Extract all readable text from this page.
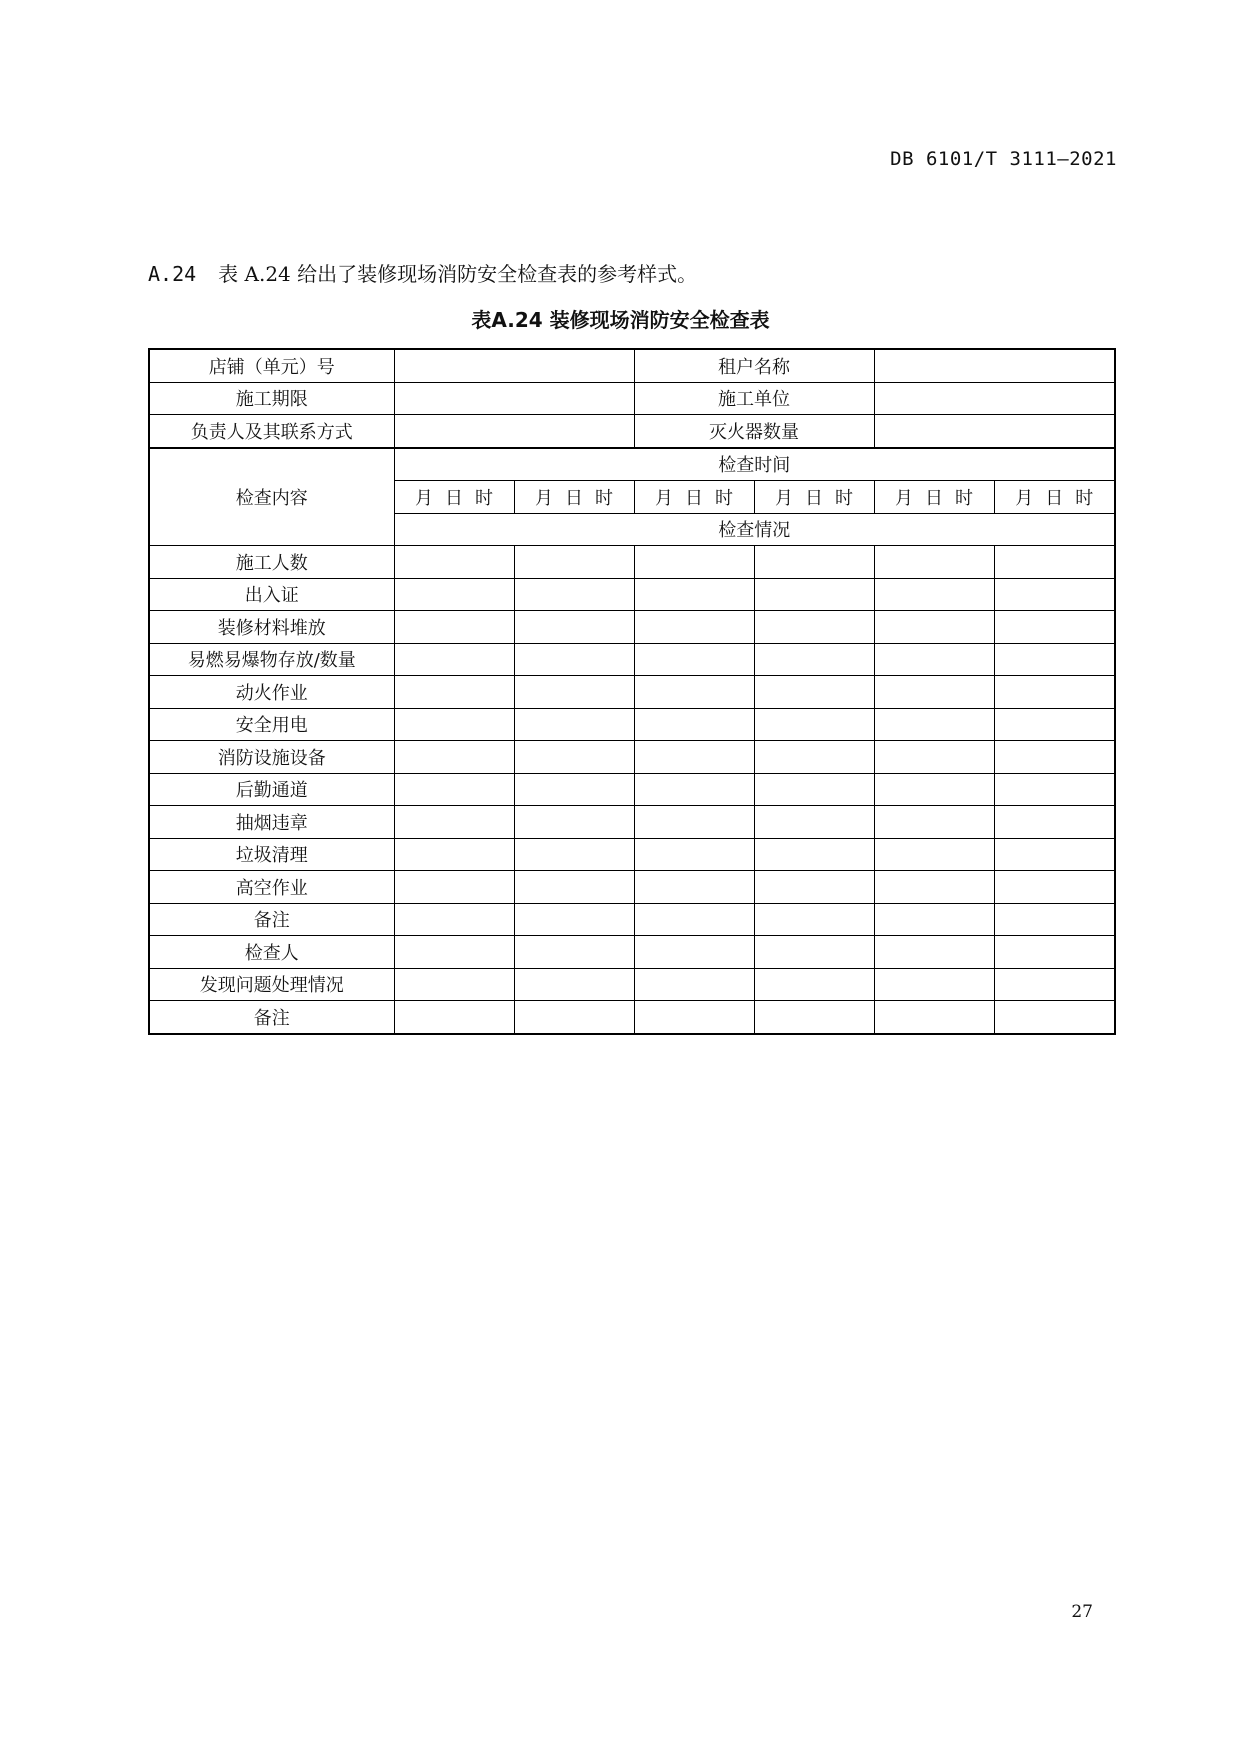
DB 6101/T 3111—2021
A.24 表 A.24 给出了装修现场消防安全检查表的参考样式。
表A.24 装修现场消防安全检查表
店铺（单元）号			租户名称			
施工期限			施工单位			
负责人及其联系方式			灭火器数量			
检查内容	检查时间					
	月 日 时	月 日 时	月 日 时	月 日 时	月 日 时	月 日 时
	检查情况					
施工人数						
出入证						
装修材料堆放						
易燃易爆物存放/数量						
动火作业						
安全用电						
消防设施设备						
后勤通道						
抽烟违章						
垃圾清理						
高空作业						
备注						
检查人						
发现问题处理情况						
备注						
27
